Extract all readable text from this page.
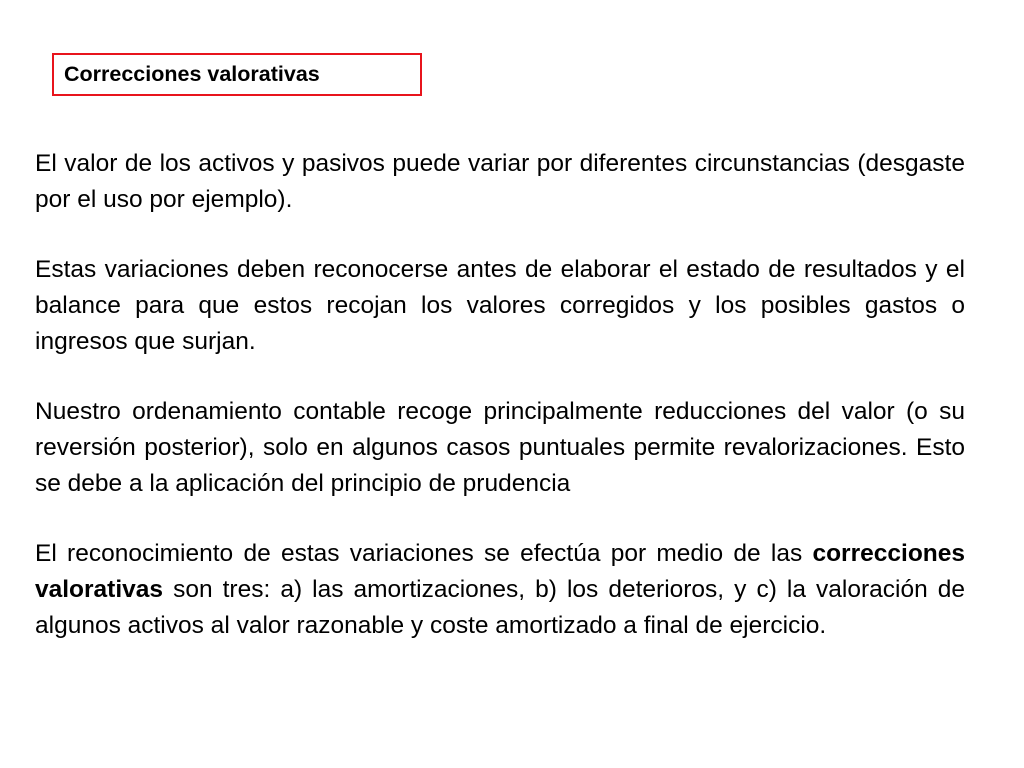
Correcciones valorativas

El valor de los activos y pasivos puede variar por diferentes circunstancias (desgaste por el uso por ejemplo).

Estas variaciones deben reconocerse antes de elaborar el estado de resultados y el balance para que estos recojan los valores corregidos y los posibles gastos o ingresos que surjan.

Nuestro ordenamiento contable recoge principalmente reducciones del valor (o su reversión posterior), solo en algunos casos puntuales permite revalorizaciones. Esto se debe a la aplicación del principio de prudencia

El reconocimiento de estas variaciones se efectúa por medio de las correcciones valorativas son tres: a) las amortizaciones, b) los deterioros, y c) la valoración de algunos activos al valor razonable y coste amortizado a final de ejercicio.
